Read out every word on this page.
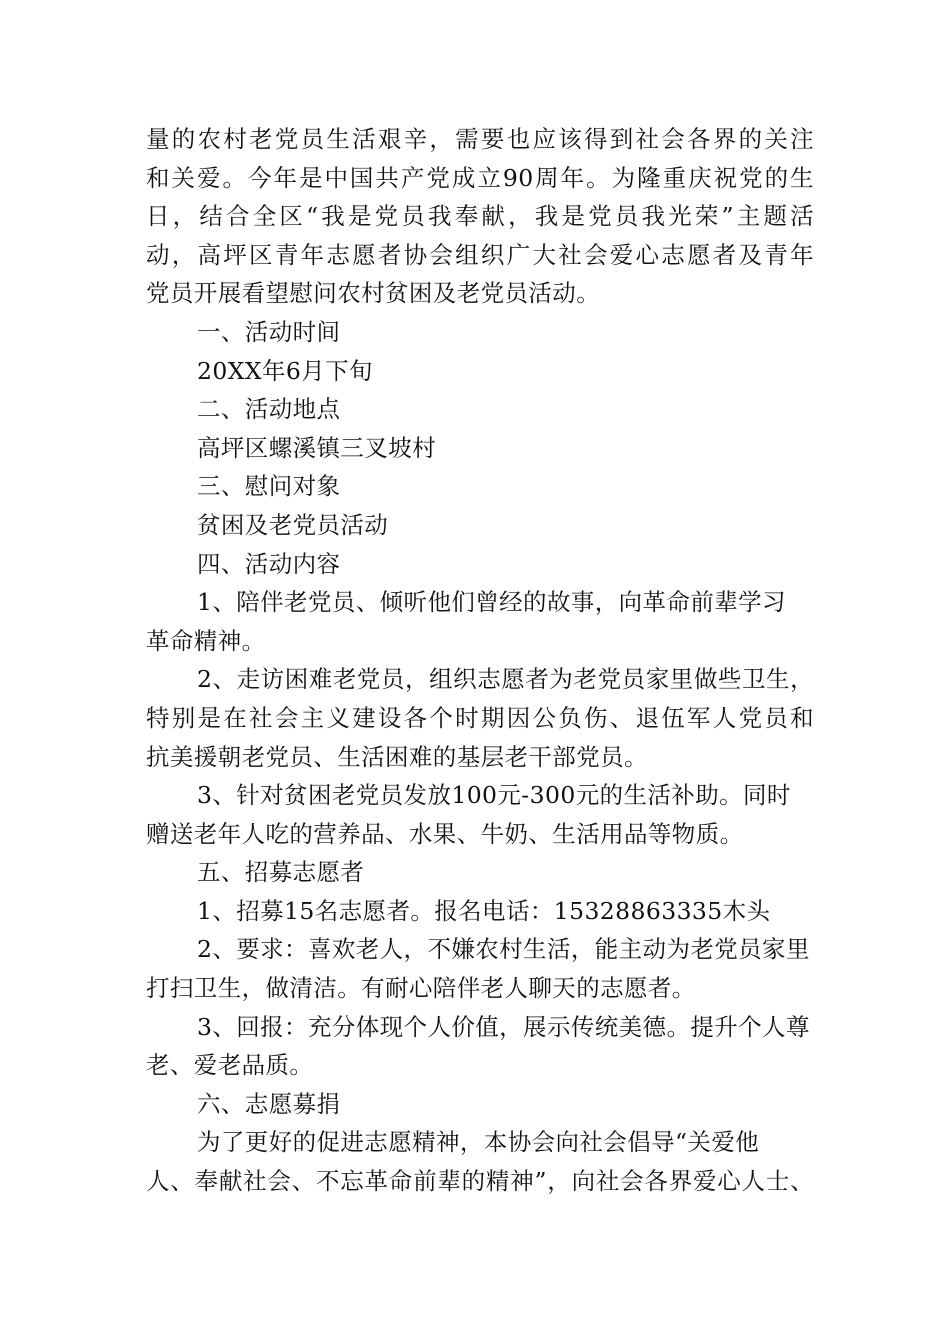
量的农村老党员生活艰辛，需要也应该得到社会各界的关注
和关爱。今年是中国共产党成立90周年。为隆重庆祝党的生
日，结合全区“我是党员我奉献，我是党员我光荣”主题活
动，高坪区青年志愿者协会组织广大社会爱心志愿者及青年
党员开展看望慰问农村贫困及老党员活动。
一、活动时间
20XX年6月下旬
二、活动地点
高坪区螺溪镇三叉坡村
三、慰问对象
贫困及老党员活动
四、活动内容
1、陪伴老党员、倾听他们曾经的故事，向革命前辈学习
革命精神。
2、走访困难老党员，组织志愿者为老党员家里做些卫生，
特别是在社会主义建设各个时期因公负伤、退伍军人党员和
抗美援朝老党员、生活困难的基层老干部党员。
3、针对贫困老党员发放100元-300元的生活补助。同时
赠送老年人吃的营养品、水果、牛奶、生活用品等物质。
五、招募志愿者
1、招募15名志愿者。报名电话：15328863335木头
2、要求：喜欢老人，不嫌农村生活，能主动为老党员家里
打扫卫生，做清洁。有耐心陪伴老人聊天的志愿者。
3、回报：充分体现个人价值，展示传统美德。提升个人尊
老、爱老品质。
六、志愿募捐
为了更好的促进志愿精神，本协会向社会倡导“关爱他
人、奉献社会、不忘革命前辈的精神”，向社会各界爱心人士、
